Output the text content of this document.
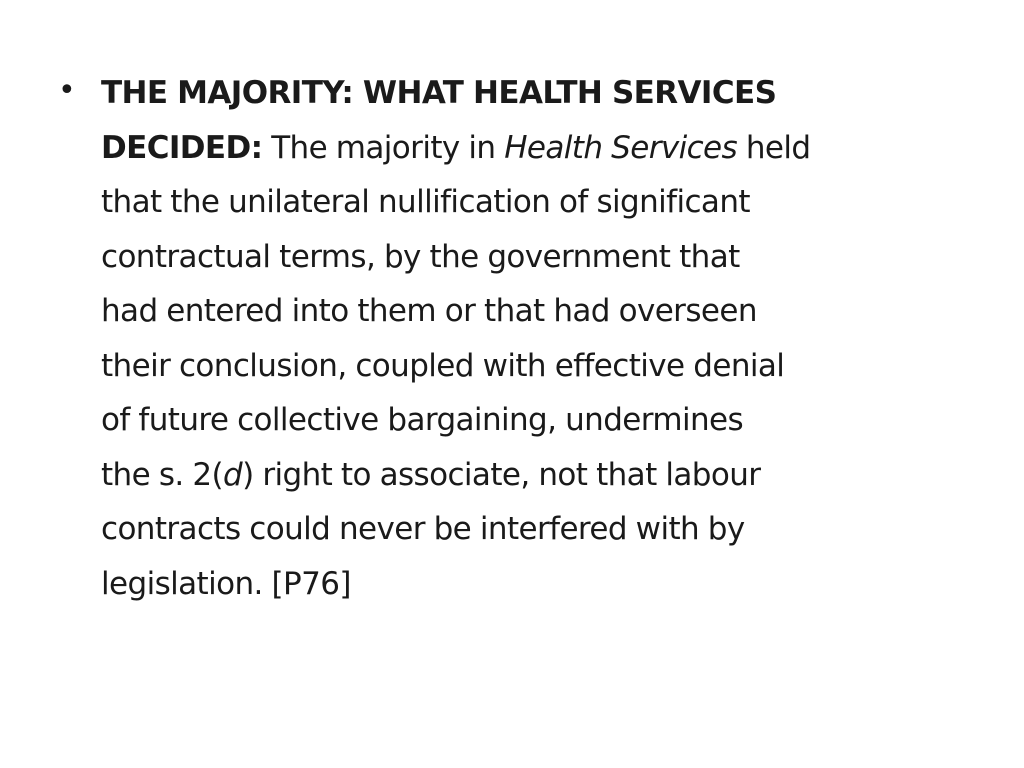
• THE MAJORITY: WHAT HEALTH SERVICES
DECIDED: The majority in Health Services held
that the unilateral nullification of significant
contractual terms, by the government that
had entered into them or that had overseen
their conclusion, coupled with effective denial
of future collective bargaining, undermines
the s. 2(d) right to associate, not that labour
contracts could never be interfered with by
legislation. [P76]
